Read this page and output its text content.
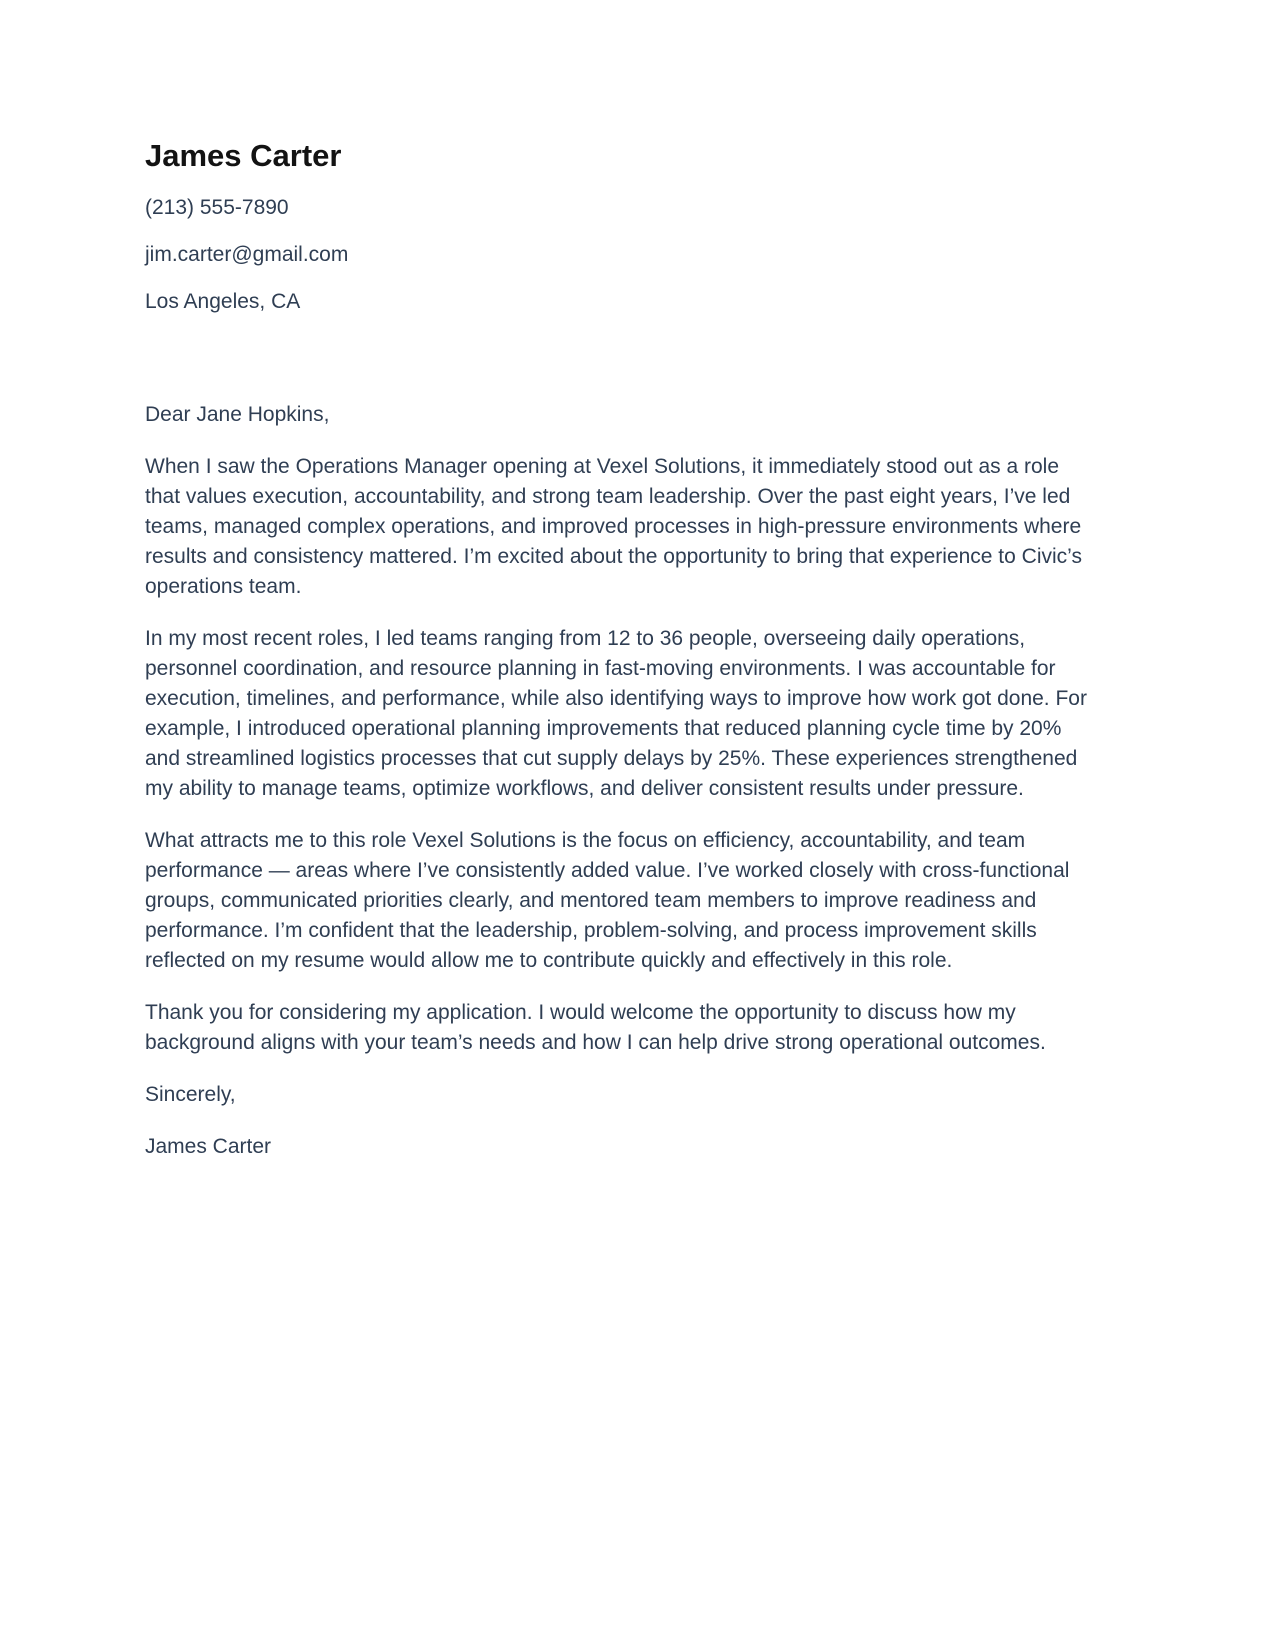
James Carter

(213) 555-7890

jim.carter@gmail.com

Los Angeles, CA

Dear Jane Hopkins,

When I saw the Operations Manager opening at Vexel Solutions, it immediately stood out as a role that values execution, accountability, and strong team leadership. Over the past eight years, I’ve led teams, managed complex operations, and improved processes in high-pressure environments where results and consistency mattered. I’m excited about the opportunity to bring that experience to Civic’s operations team.

In my most recent roles, I led teams ranging from 12 to 36 people, overseeing daily operations, personnel coordination, and resource planning in fast-moving environments. I was accountable for execution, timelines, and performance, while also identifying ways to improve how work got done. For example, I introduced operational planning improvements that reduced planning cycle time by 20% and streamlined logistics processes that cut supply delays by 25%. These experiences strengthened my ability to manage teams, optimize workflows, and deliver consistent results under pressure.

What attracts me to this role Vexel Solutions is the focus on efficiency, accountability, and team performance — areas where I’ve consistently added value. I’ve worked closely with cross-functional groups, communicated priorities clearly, and mentored team members to improve readiness and performance. I’m confident that the leadership, problem-solving, and process improvement skills reflected on my resume would allow me to contribute quickly and effectively in this role.

Thank you for considering my application. I would welcome the opportunity to discuss how my background aligns with your team’s needs and how I can help drive strong operational outcomes.

Sincerely,

James Carter
